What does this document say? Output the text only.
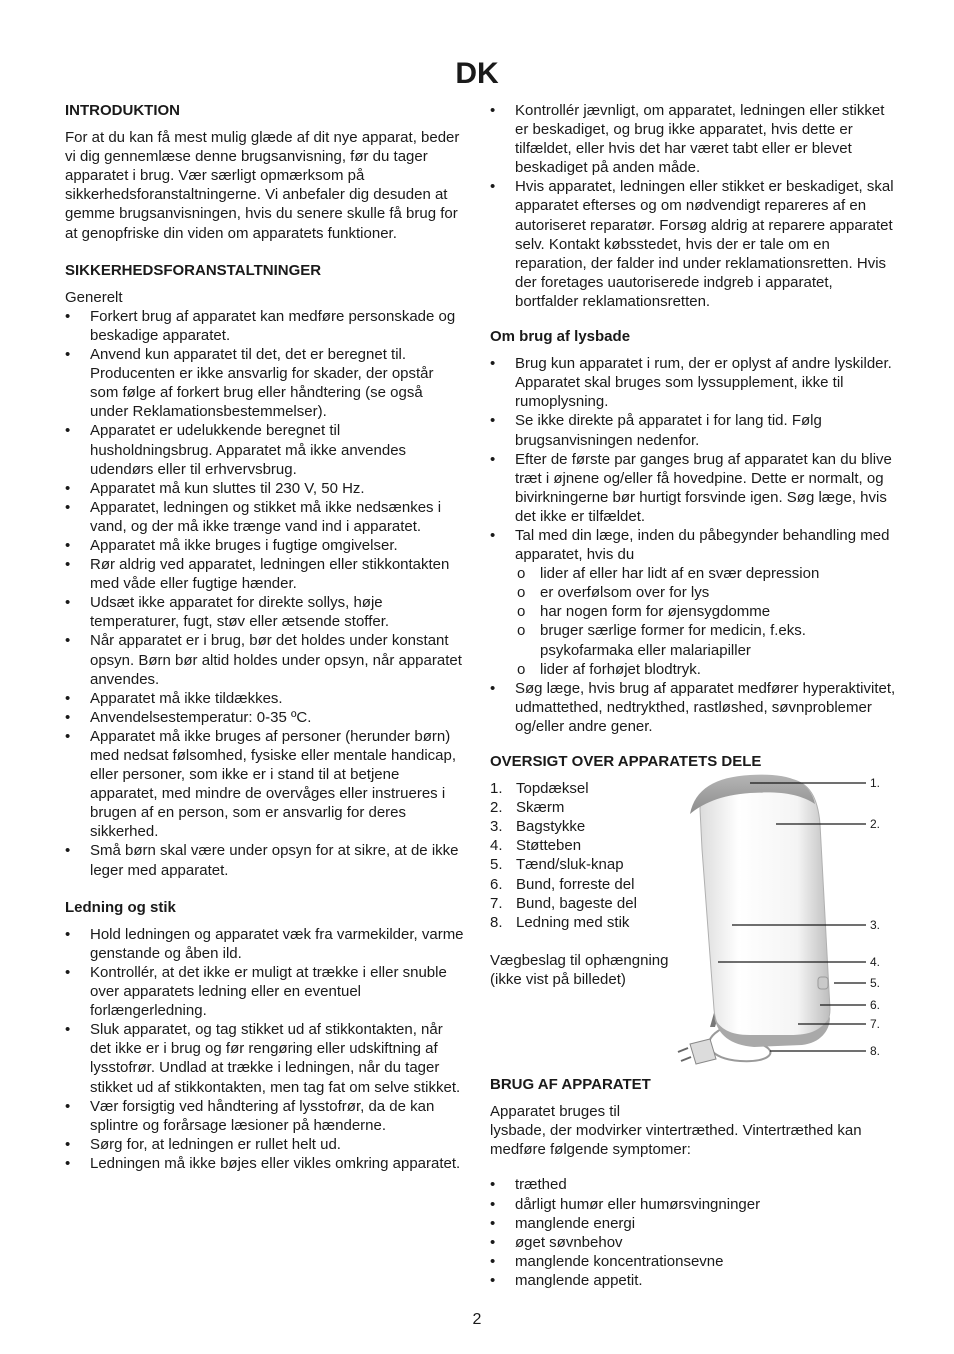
DK
INTRODUKTION

For at du kan få mest mulig glæde af dit nye apparat, beder vi dig gennemlæse denne brugsanvisning, før du tager apparatet i brug. Vær særligt opmærksom på sikkerhedsforanstaltningerne. Vi anbefaler dig desuden at gemme brugsanvisningen, hvis du senere skulle få brug for at genopfriske din viden om apparatets funktioner.

SIKKERHEDSFORANSTALTNINGER

Generelt

• Forkert brug af apparatet kan medføre personskade og beskadige apparatet.
• Anvend kun apparatet til det, det er beregnet til. Producenten er ikke ansvarlig for skader, der opstår som følge af forkert brug eller håndtering (se også under Reklamationsbestemmelser).
• Apparatet er udelukkende beregnet til husholdningsbrug. Apparatet må ikke anvendes udendørs eller til erhvervsbrug.
• Apparatet må kun sluttes til 230 V, 50 Hz.
• Apparatet, ledningen og stikket må ikke nedsænkes i vand, og der må ikke trænge vand ind i apparatet.
• Apparatet må ikke bruges i fugtige omgivelser.
• Rør aldrig ved apparatet, ledningen eller stikkontakten med våde eller fugtige hænder.
• Udsæt ikke apparatet for direkte sollys, høje temperaturer, fugt, støv eller ætsende stoffer.
• Når apparatet er i brug, bør det holdes under konstant opsyn. Børn bør altid holdes under opsyn, når apparatet anvendes.
• Apparatet må ikke tildækkes.
• Anvendelsestemperatur: 0-35 ºC.
• Apparatet må ikke bruges af personer (herunder børn) med nedsat følsomhed, fysiske eller mentale handicap, eller personer, som ikke er i stand til at betjene apparatet, med mindre de overvåges eller instrueres i brugen af en person, som er ansvarlig for deres sikkerhed.
• Små børn skal være under opsyn for at sikre, at de ikke leger med apparatet.
Ledning og stik
• Hold ledningen og apparatet væk fra varmekilder, varme genstande og åben ild.
• Kontrollér, at det ikke er muligt at trække i eller snuble over apparatets ledning eller en eventuel forlængerledning.
• Sluk apparatet, og tag stikket ud af stikkontakten, når det ikke er i brug og før rengøring eller udskiftning af lysstofrør. Undlad at trække i ledningen, når du tager stikket ud af stikkontakten, men tag fat om selve stikket.
• Vær forsigtig ved håndtering af lysstofrør, da de kan splintre og forårsage læsioner på hænderne.
• Sørg for, at ledningen er rullet helt ud.
• Ledningen må ikke bøjes eller vikles omkring apparatet.
• Kontrollér jævnligt, om apparatet, ledningen eller stikket er beskadiget, og brug ikke apparatet, hvis dette er tilfældet, eller hvis det har været tabt eller er blevet beskadiget på anden måde.
• Hvis apparatet, ledningen eller stikket er beskadiget, skal apparatet efterses og om nødvendigt repareres af en autoriseret reparatør. Forsøg aldrig at reparere apparatet selv. Kontakt købsstedet, hvis der er tale om en reparation, der falder ind under reklamationsretten. Hvis der foretages uautoriserede indgreb i apparatet, bortfalder reklamationsretten.
Om brug af lysbade
• Brug kun apparatet i rum, der er oplyst af andre lyskilder. Apparatet skal bruges som lyssupplement, ikke til rumoplysning.
• Se ikke direkte på apparatet i for lang tid. Følg brugsanvisningen nedenfor.
• Efter de første par ganges brug af apparatet kan du blive træt i øjnene og/eller få hovedpine. Dette er normalt, og bivirkningerne bør hurtigt forsvinde igen. Søg læge, hvis det ikke er tilfældet.
• Tal med din læge, inden du påbegynder behandling med apparatet, hvis du
o lider af eller har lidt af en svær depression
o er overfølsom over for lys
o har nogen form for øjensygdomme
o bruger særlige former for medicin, f.eks. psykofarmaka eller malariapiller
o lider af forhøjet blodtryk.
• Søg læge, hvis brug af apparatet medfører hyperaktivitet, udmattethed, nedtrykthed, rastløshed, søvnproblemer og/eller andre gener.
OVERSIGT OVER APPARATETS DELE
1. Topdæksel
2. Skærm
3. Bagstykke
4. Støtteben
5. Tænd/sluk-knap
6. Bund, forreste del
7. Bund, bageste del
8. Ledning med stik

Vægbeslag til ophængning (ikke vist på billedet)

1.
2.
3.
4.
5.
6.
7.
8.
BRUG AF APPARATET

Apparatet bruges til

lysbade, der modvirker vintertræthed. Vintertræthed kan medføre følgende symptomer:

• træthed
• dårligt humør eller humørsvingninger
• manglende energi
• øget søvnbehov
• manglende koncentrationsevne
• manglende appetit.
2
